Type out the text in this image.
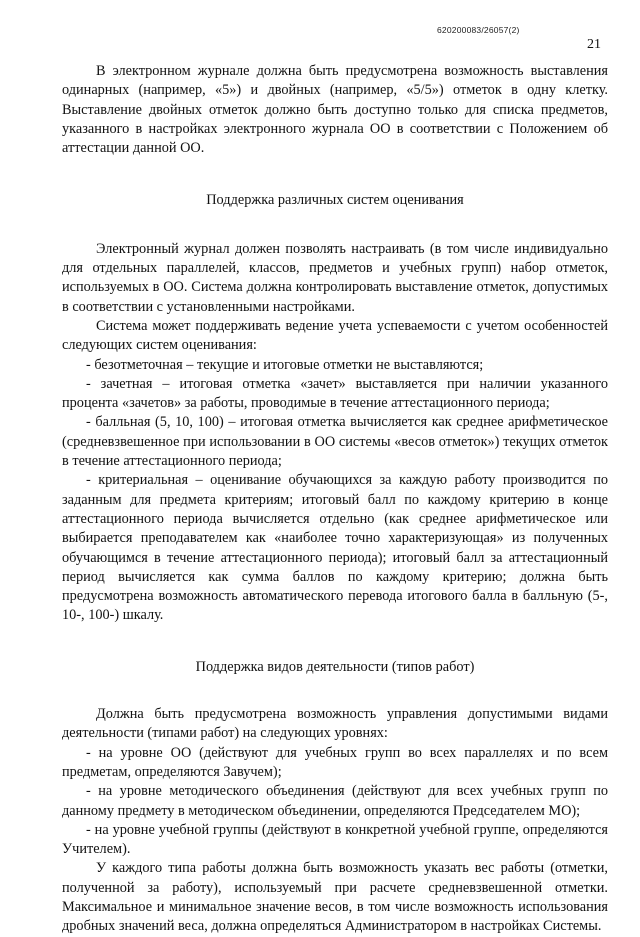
620200083/26057(2)
21

В электронном журнале должна быть предусмотрена возможность выставления одинарных (например, «5») и двойных (например, «5/5») отметок в одну клетку. Выставление двойных отметок должно быть доступно только для списка предметов, указанного в настройках электронного журнала ОО в соответствии с Положением об аттестации данной ОО.

Поддержка различных систем оценивания

Электронный журнал должен позволять настраивать (в том числе индивидуально для отдельных параллелей, классов, предметов и учебных групп) набор отметок, используемых в ОО. Система должна контролировать выставление отметок, допустимых в соответствии с установленными настройками.

Система может поддерживать ведение учета успеваемости с учетом особенностей следующих систем оценивания:

- безотметочная – текущие и итоговые отметки не выставляются;

- зачетная – итоговая отметка «зачет» выставляется при наличии указанного процента «зачетов» за работы, проводимые в течение аттестационного периода;

- балльная (5, 10, 100) – итоговая отметка вычисляется как среднее арифметическое (средневзвешенное при использовании в ОО системы «весов отметок») текущих отметок в течение аттестационного периода;

- критериальная – оценивание обучающихся за каждую работу производится по заданным для предмета критериям; итоговый балл по каждому критерию в конце аттестационного периода вычисляется отдельно (как среднее арифметическое или выбирается преподавателем как «наиболее точно характеризующая» из полученных обучающимся в течение аттестационного периода); итоговый балл за аттестационный период вычисляется как сумма баллов по каждому критерию; должна быть предусмотрена возможность автоматического перевода итогового балла в балльную (5-, 10-, 100-) шкалу.

Поддержка видов деятельности (типов работ)

Должна быть предусмотрена возможность управления допустимыми видами деятельности (типами работ) на следующих уровнях:

- на уровне ОО (действуют для учебных групп во всех параллелях и по всем предметам, определяются Завучем);

- на уровне методического объединения (действуют для всех учебных групп по данному предмету в методическом объединении, определяются Председателем МО);

- на уровне учебной группы (действуют в конкретной учебной группе, определяются Учителем).

У каждого типа работы должна быть возможность указать вес работы (отметки, полученной за работу), используемый при расчете средневзвешенной отметки. Максимальное и минимальное значение весов, в том числе возможность использования дробных значений веса, должна определяться Администратором в настройках Системы.
